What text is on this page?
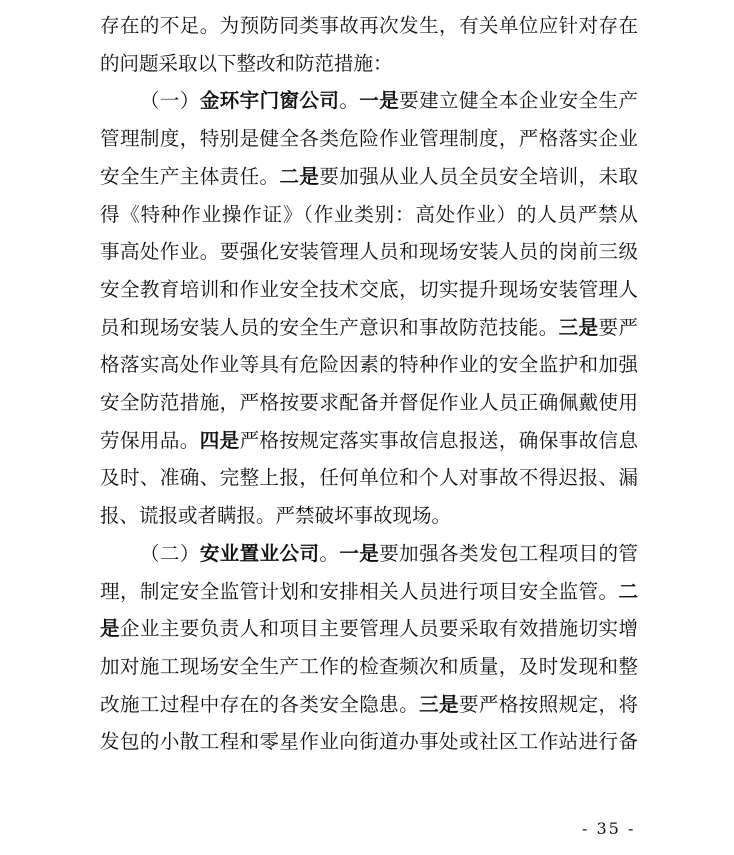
存在的不足。为预防同类事故再次发生，有关单位应针对存在
的问题采取以下整改和防范措施：
（一）金环宇门窗公司。一是要建立健全本企业安全生产
管理制度，特别是健全各类危险作业管理制度，严格落实企业
安全生产主体责任。二是要加强从业人员全员安全培训，未取
得《特种作业操作证》（作业类别：高处作业）的人员严禁从
事高处作业。要强化安装管理人员和现场安装人员的岗前三级
安全教育培训和作业安全技术交底，切实提升现场安装管理人
员和现场安装人员的安全生产意识和事故防范技能。三是要严
格落实高处作业等具有危险因素的特种作业的安全监护和加强
安全防范措施，严格按要求配备并督促作业人员正确佩戴使用
劳保用品。四是严格按规定落实事故信息报送，确保事故信息
及时、准确、完整上报，任何单位和个人对事故不得迟报、漏
报、谎报或者瞒报。严禁破坏事故现场。
（二）安业置业公司。一是要加强各类发包工程项目的管
理，制定安全监管计划和安排相关人员进行项目安全监管。二
是企业主要负责人和项目主要管理人员要采取有效措施切实增
加对施工现场安全生产工作的检查频次和质量，及时发现和整
改施工过程中存在的各类安全隐患。三是要严格按照规定，将
发包的小散工程和零星作业向街道办事处或社区工作站进行备
- 35 -
